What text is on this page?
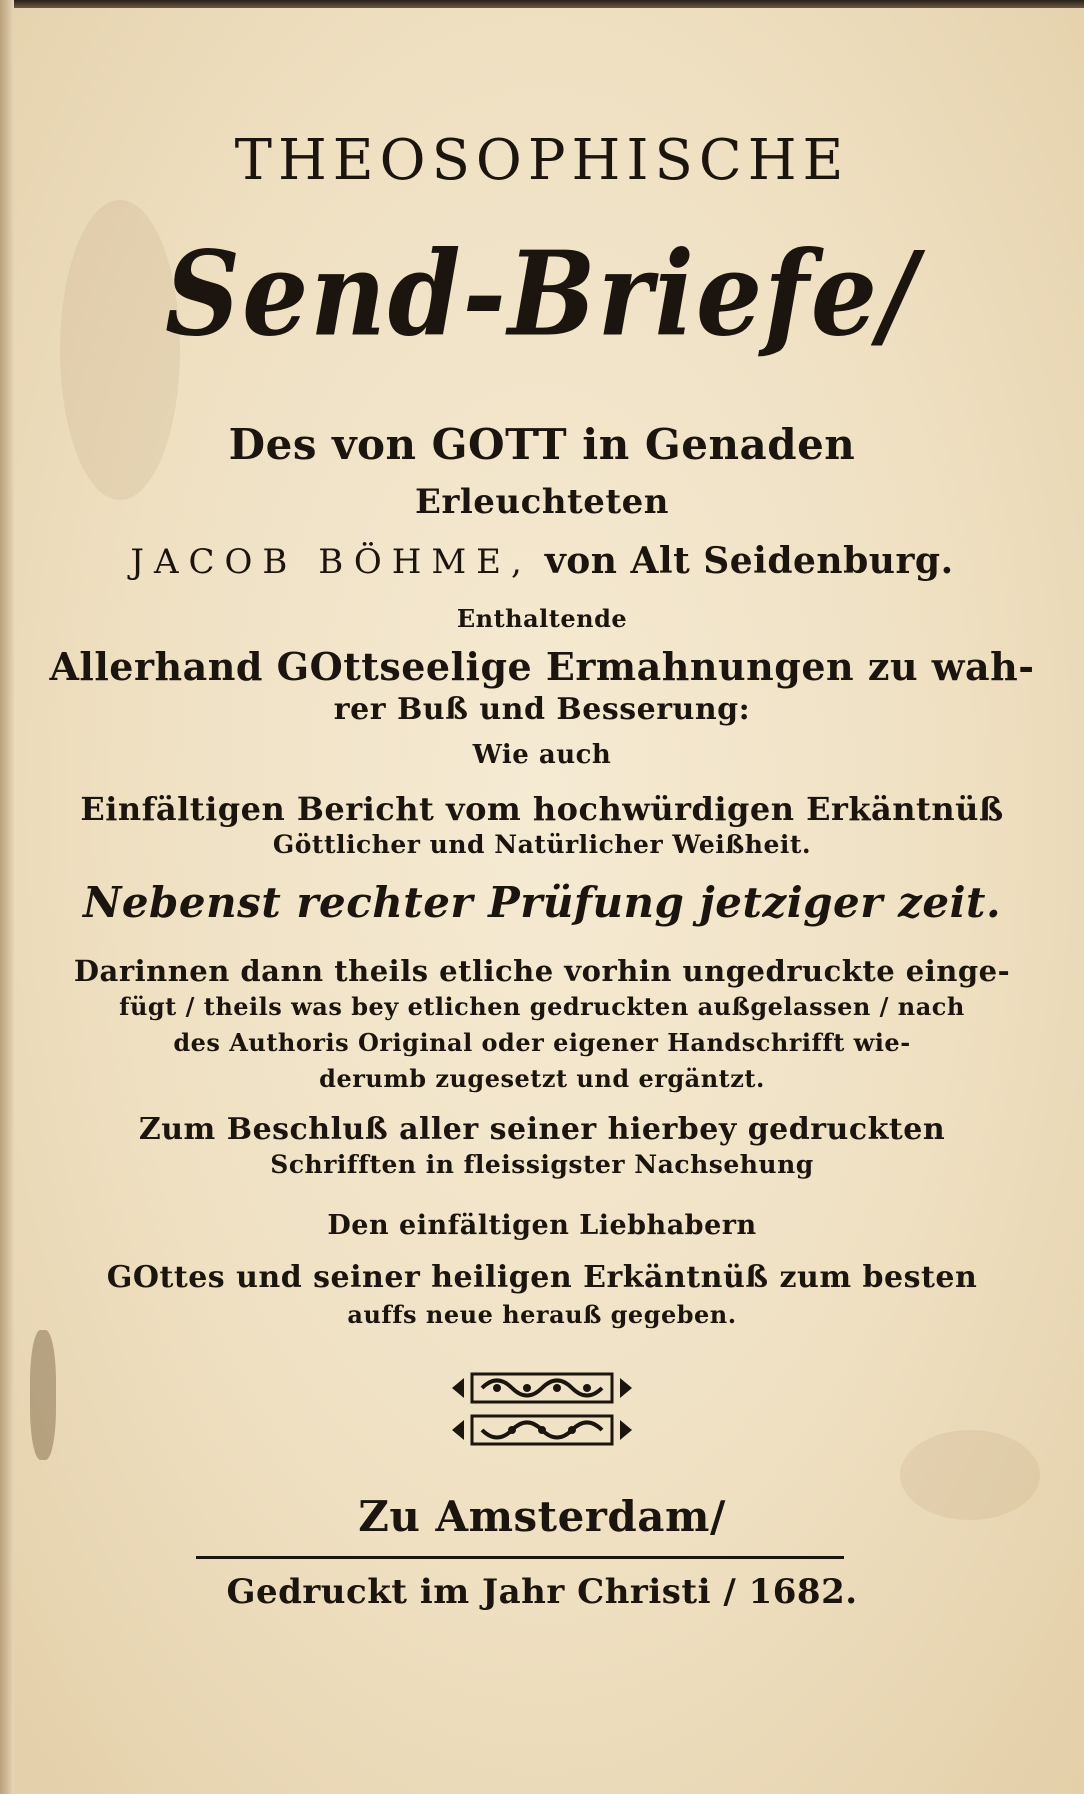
THEOSOPHISCHE
Send-Briefe/
Des von GOTT in Genaden
Erleuchteten
JACOB BÖHME, von Alt Seidenburg.
Enthaltende
Allerhand GOttseelige Ermahnungen zu wah-
rer Buß und Besserung:
Wie auch
Einfältigen Bericht vom hochwürdigen Erkäntnüß
Göttlicher und Natürlicher Weißheit.
Nebenst rechter Prüfung jetziger zeit.
Darinnen dann theils etliche vorhin ungedruckte einge-
fügt / theils was bey etlichen gedruckten außgelassen / nach
des Authoris Original oder eigener Handschrifft wie-
derumb zugesetzt und ergäntzt.
Zum Beschluß aller seiner hierbey gedruckten
Schrifften in fleissigster Nachsehung
Den einfältigen Liebhabern
GOttes und seiner heiligen Erkäntnüß zum besten
auffs neue herauß gegeben.
Zu Amsterdam/
Gedruckt im Jahr Christi / 1682.
